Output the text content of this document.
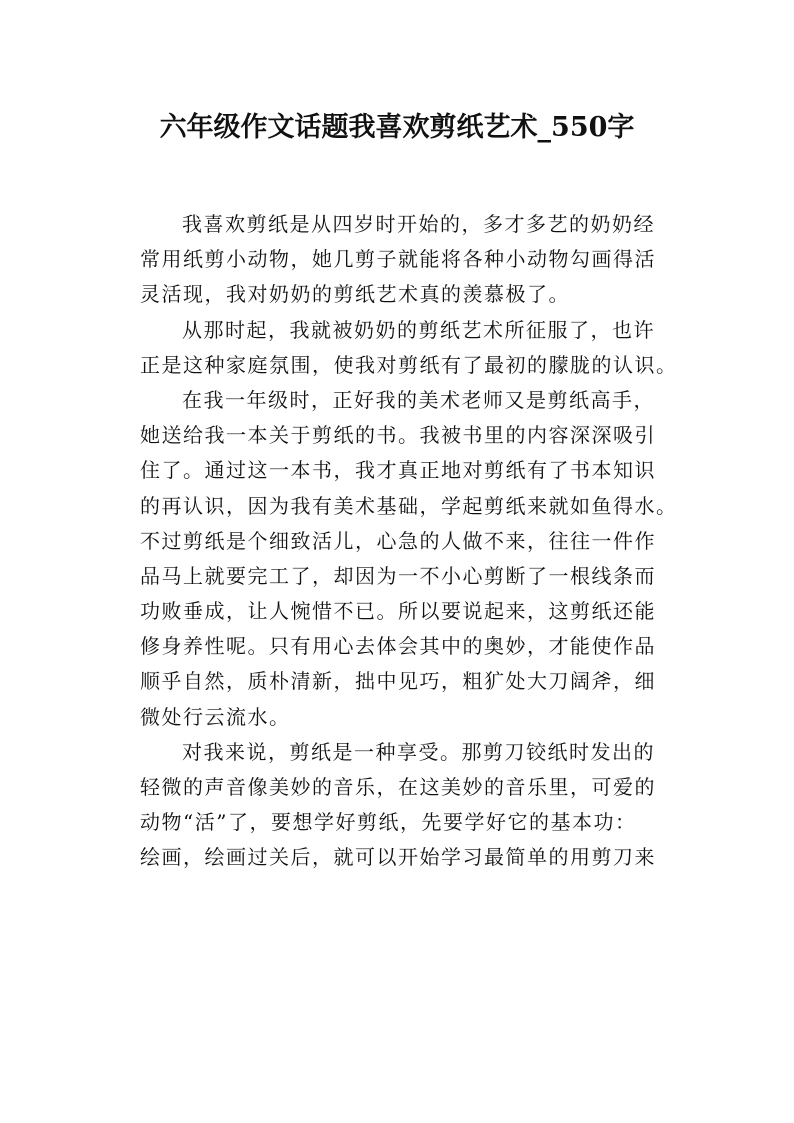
六年级作文话题我喜欢剪纸艺术_550字
我喜欢剪纸是从四岁时开始的，多才多艺的奶奶经
常用纸剪小动物，她几剪子就能将各种小动物勾画得活
灵活现，我对奶奶的剪纸艺术真的羡慕极了。
从那时起，我就被奶奶的剪纸艺术所征服了，也许
正是这种家庭氛围，使我对剪纸有了最初的朦胧的认识。
在我一年级时，正好我的美术老师又是剪纸高手，
她送给我一本关于剪纸的书。我被书里的内容深深吸引
住了。通过这一本书，我才真正地对剪纸有了书本知识
的再认识，因为我有美术基础，学起剪纸来就如鱼得水。
不过剪纸是个细致活儿，心急的人做不来，往往一件作
品马上就要完工了，却因为一不小心剪断了一根线条而
功败垂成，让人惋惜不已。所以要说起来，这剪纸还能
修身养性呢。只有用心去体会其中的奥妙，才能使作品
顺乎自然，质朴清新，拙中见巧，粗犷处大刀阔斧，细
微处行云流水。
对我来说，剪纸是一种享受。那剪刀铰纸时发出的
轻微的声音像美妙的音乐，在这美妙的音乐里，可爱的
动物“活”了，要想学好剪纸，先要学好它的基本功：
绘画，绘画过关后，就可以开始学习最简单的用剪刀来
